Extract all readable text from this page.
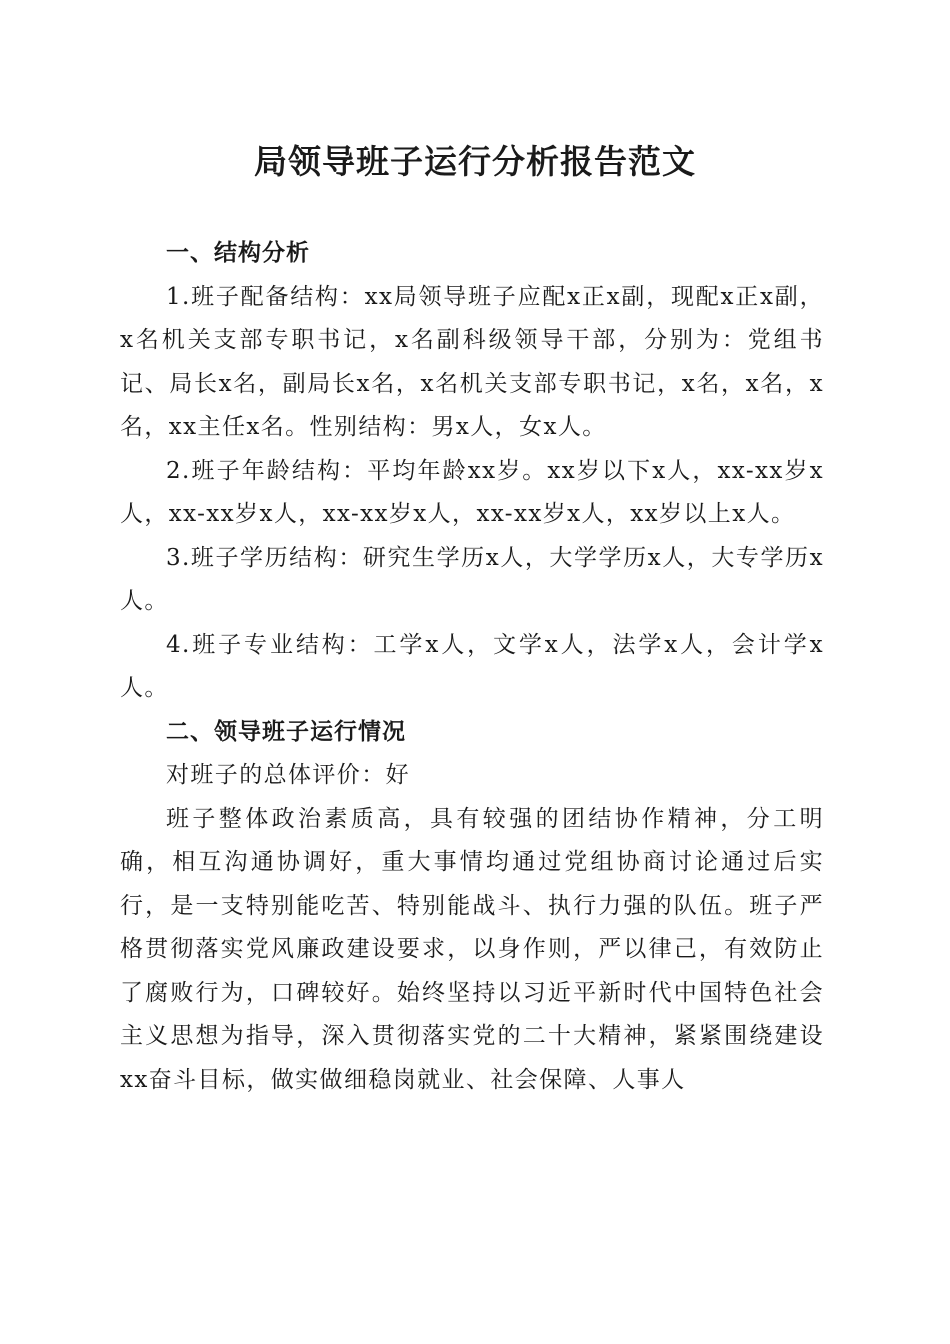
局领导班子运行分析报告范文
一、结构分析

1.班子配备结构：xx局领导班子应配x正x副，现配x正x副，x名机关支部专职书记，x名副科级领导干部，分别为：党组书记、局长x名，副局长x名，x名机关支部专职书记，x名，x名，x名，xx主任x名。性别结构：男x人，女x人。

2.班子年龄结构：平均年龄xx岁。xx岁以下x人，xx-xx岁x人，xx-xx岁x人，xx-xx岁x人，xx-xx岁x人，xx岁以上x人。

3.班子学历结构：研究生学历x人，大学学历x人，大专学历x人。

4.班子专业结构：工学x人，文学x人，法学x人，会计学x人。

二、领导班子运行情况

对班子的总体评价：好

班子整体政治素质高，具有较强的团结协作精神，分工明确，相互沟通协调好，重大事情均通过党组协商讨论通过后实行，是一支特别能吃苦、特别能战斗、执行力强的队伍。班子严格贯彻落实党风廉政建设要求，以身作则，严以律己，有效防止了腐败行为，口碑较好。始终坚持以习近平新时代中国特色社会主义思想为指导，深入贯彻落实党的二十大精神，紧紧围绕建设xx奋斗目标，做实做细稳岗就业、社会保障、人事人
